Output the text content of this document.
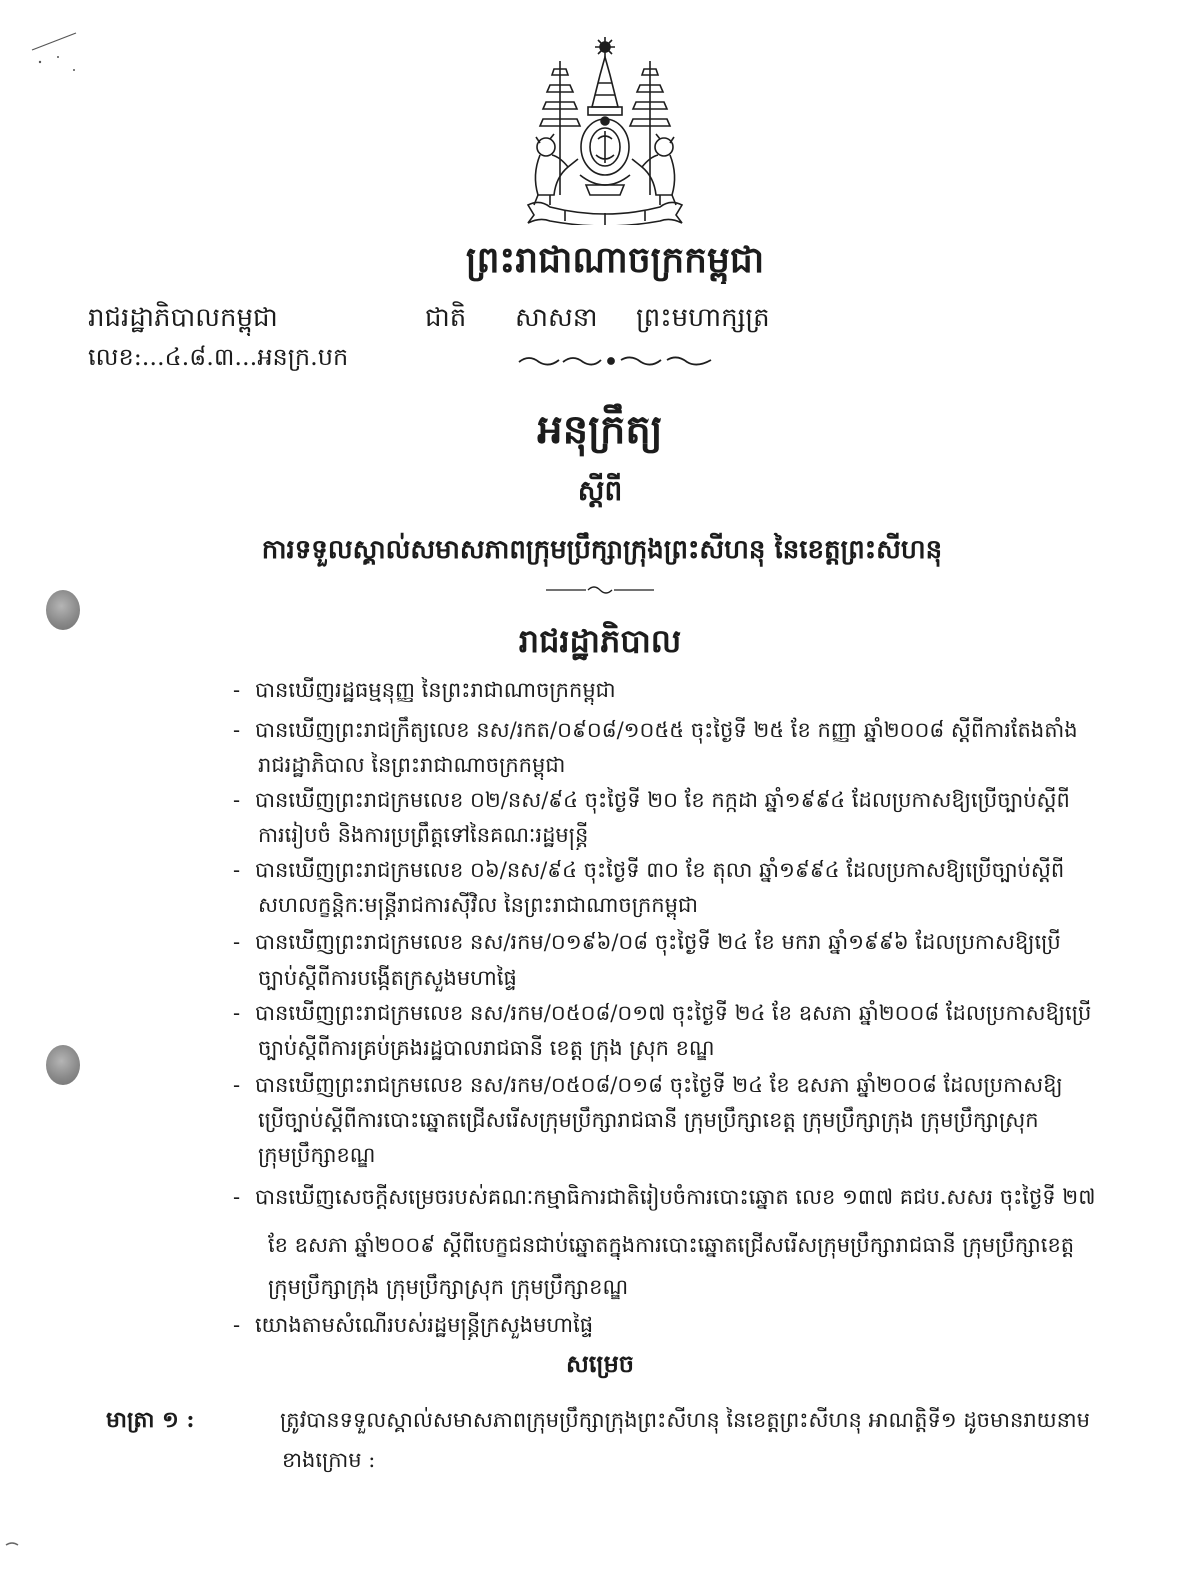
ព្រះរាជាណាចក្រកម្ពុជា
រាជរដ្ឋាភិបាលកម្ពុជា	ជាតិ	សាសនា	ព្រះមហាក្សត្រ
លេខ:...៤.៨.៣...អនក្រ.បក
អនុក្រឹត្យ
ស្តីពី
ការទទួលស្គាល់សមាសភាពក្រុមប្រឹក្សាក្រុងព្រះសីហនុ នៃខេត្តព្រះសីហនុ
រាជរដ្ឋាភិបាល
- បានឃើញរដ្ឋធម្មនុញ្ញ នៃព្រះរាជាណាចក្រកម្ពុជា
- បានឃើញព្រះរាជក្រឹត្យលេខ នស/រកត/០៩០៨/១០៥៥ ចុះថ្ងៃទី ២៥ ខែ កញ្ញា ឆ្នាំ២០០៨ ស្តីពីការតែងតាំង
រាជរដ្ឋាភិបាល នៃព្រះរាជាណាចក្រកម្ពុជា
- បានឃើញព្រះរាជក្រមលេខ ០២/នស/៩៤ ចុះថ្ងៃទី ២០ ខែ កក្កដា ឆ្នាំ១៩៩៤ ដែលប្រកាសឱ្យប្រើច្បាប់ស្តីពី
ការរៀបចំ និងការប្រព្រឹត្តទៅនៃគណៈរដ្ឋមន្ត្រី
- បានឃើញព្រះរាជក្រមលេខ ០៦/នស/៩៤ ចុះថ្ងៃទី ៣០ ខែ តុលា ឆ្នាំ១៩៩៤ ដែលប្រកាសឱ្យប្រើច្បាប់ស្តីពី
សហលក្ខន្តិកៈមន្ត្រីរាជការស៊ីវិល នៃព្រះរាជាណាចក្រកម្ពុជា
- បានឃើញព្រះរាជក្រមលេខ នស/រកម/០១៩៦/០៨ ចុះថ្ងៃទី ២៤ ខែ មករា ឆ្នាំ១៩៩៦ ដែលប្រកាសឱ្យប្រើ
ច្បាប់ស្តីពីការបង្កើតក្រសួងមហាផ្ទៃ
- បានឃើញព្រះរាជក្រមលេខ នស/រកម/០៥០៨/០១៧ ចុះថ្ងៃទី ២៤ ខែ ឧសភា ឆ្នាំ២០០៨ ដែលប្រកាសឱ្យប្រើ
ច្បាប់ស្តីពីការគ្រប់គ្រងរដ្ឋបាលរាជធានី ខេត្ត ក្រុង ស្រុក ខណ្ឌ
- បានឃើញព្រះរាជក្រមលេខ នស/រកម/០៥០៨/០១៨ ចុះថ្ងៃទី ២៤ ខែ ឧសភា ឆ្នាំ២០០៨ ដែលប្រកាសឱ្យ
ប្រើច្បាប់ស្តីពីការបោះឆ្នោតជ្រើសរើសក្រុមប្រឹក្សារាជធានី ក្រុមប្រឹក្សាខេត្ត ក្រុមប្រឹក្សាក្រុង ក្រុមប្រឹក្សាស្រុក
ក្រុមប្រឹក្សាខណ្ឌ
- បានឃើញសេចក្តីសម្រេចរបស់គណៈកម្មាធិការជាតិរៀបចំការបោះឆ្នោត លេខ ១៣៧ គជប.សសរ ចុះថ្ងៃទី ២៧
ខែ ឧសភា ឆ្នាំ២០០៩ ស្តីពីបេក្ខជនជាប់ឆ្នោតក្នុងការបោះឆ្នោតជ្រើសរើសក្រុមប្រឹក្សារាជធានី ក្រុមប្រឹក្សាខេត្ត
ក្រុមប្រឹក្សាក្រុង ក្រុមប្រឹក្សាស្រុក ក្រុមប្រឹក្សាខណ្ឌ
- យោងតាមសំណើរបស់រដ្ឋមន្ត្រីក្រសួងមហាផ្ទៃ
សម្រេច
មាត្រា ១ :	ត្រូវបានទទួលស្គាល់សមាសភាពក្រុមប្រឹក្សាក្រុងព្រះសីហនុ នៃខេត្តព្រះសីហនុ អាណត្តិទី១ ដូចមានរាយនាម
ខាងក្រោម :
